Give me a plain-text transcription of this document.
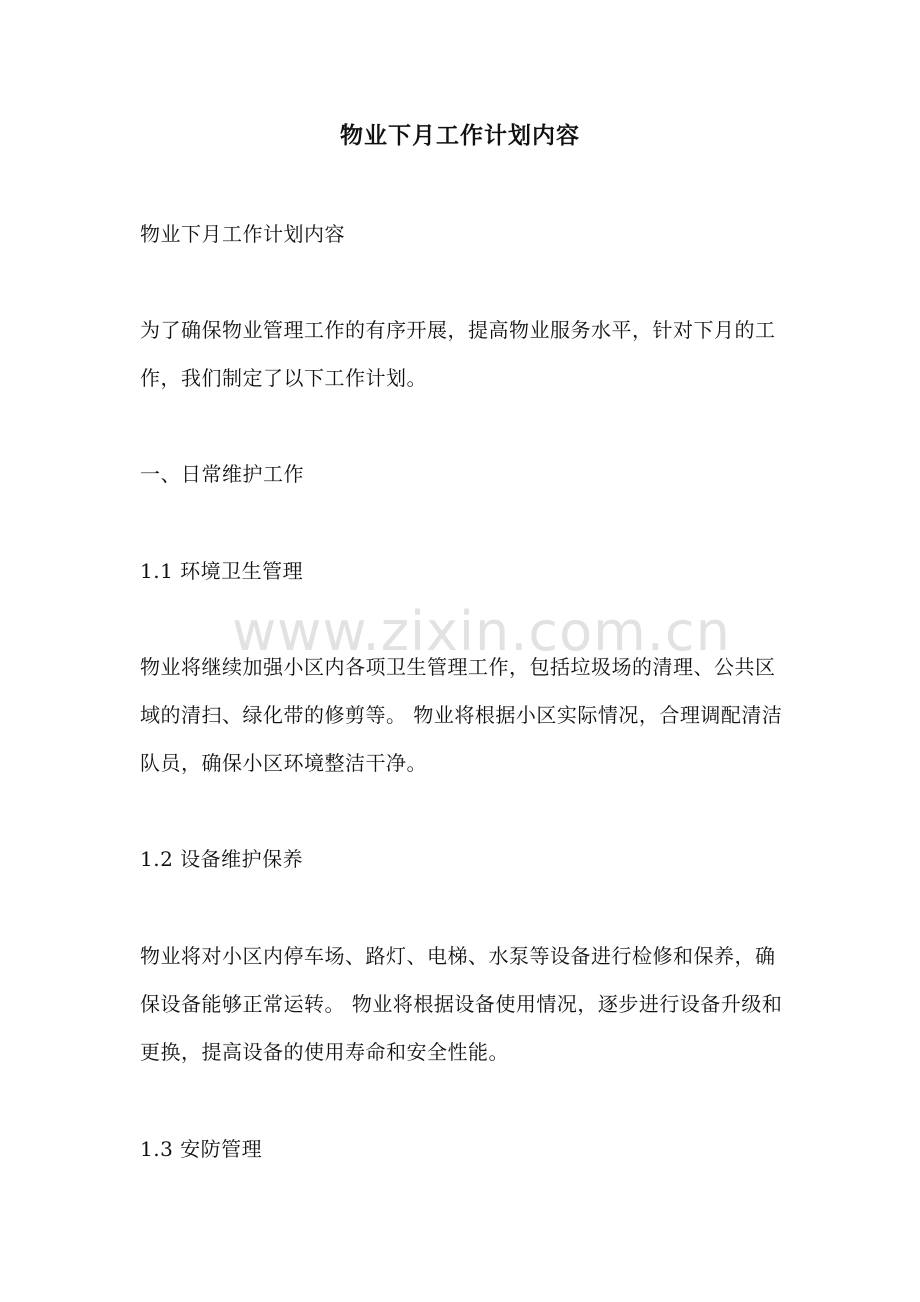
物业下月工作计划内容
物业下月工作计划内容
为了确保物业管理工作的有序开展，提高物业服务水平，针对下月的工作，我们制定了以下工作计划。
一、日常维护工作
1.1 环境卫生管理
物业将继续加强小区内各项卫生管理工作，包括垃圾场的清理、公共区域的清扫、绿化带的修剪等。 物业将根据小区实际情况，合理调配清洁队员，确保小区环境整洁干净。
1.2 设备维护保养
物业将对小区内停车场、路灯、电梯、水泵等设备进行检修和保养，确保设备能够正常运转。 物业将根据设备使用情况，逐步进行设备升级和更换，提高设备的使用寿命和安全性能。
1.3 安防管理
www.zixin.com.cn
